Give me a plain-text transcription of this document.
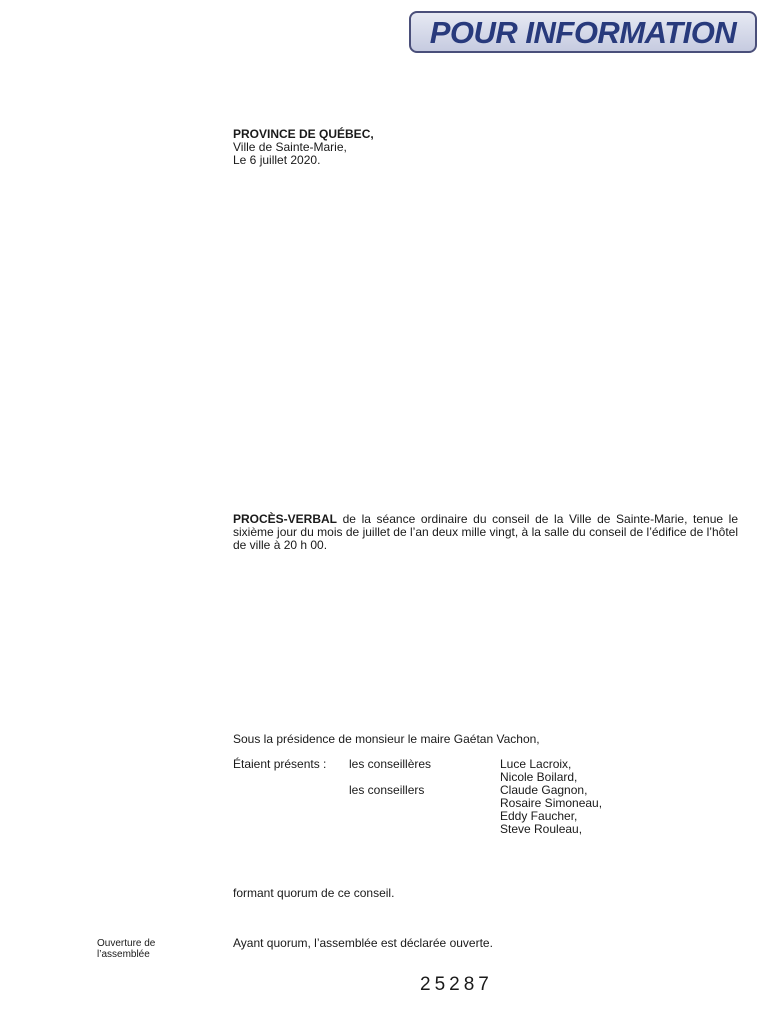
POUR INFORMATION
PROVINCE DE QUÉBEC,
Ville de Sainte-Marie,
Le 6 juillet 2020.
PROCÈS-VERBAL de la séance ordinaire du conseil de la Ville de Sainte-Marie, tenue le sixième jour du mois de juillet de l’an deux mille vingt, à la salle du conseil de l’édifice de l’hôtel de ville à 20 h 00.
Sous la présidence de monsieur le maire Gaétan Vachon,
Étaient présents : les conseillères
les conseillers
Luce Lacroix,
Nicole Boilard,
Claude Gagnon,
Rosaire Simoneau,
Eddy Faucher,
Steve Rouleau,
formant quorum de ce conseil.
Ouverture de
l’assemblée
Ayant quorum, l’assemblée est déclarée ouverte.
25287
